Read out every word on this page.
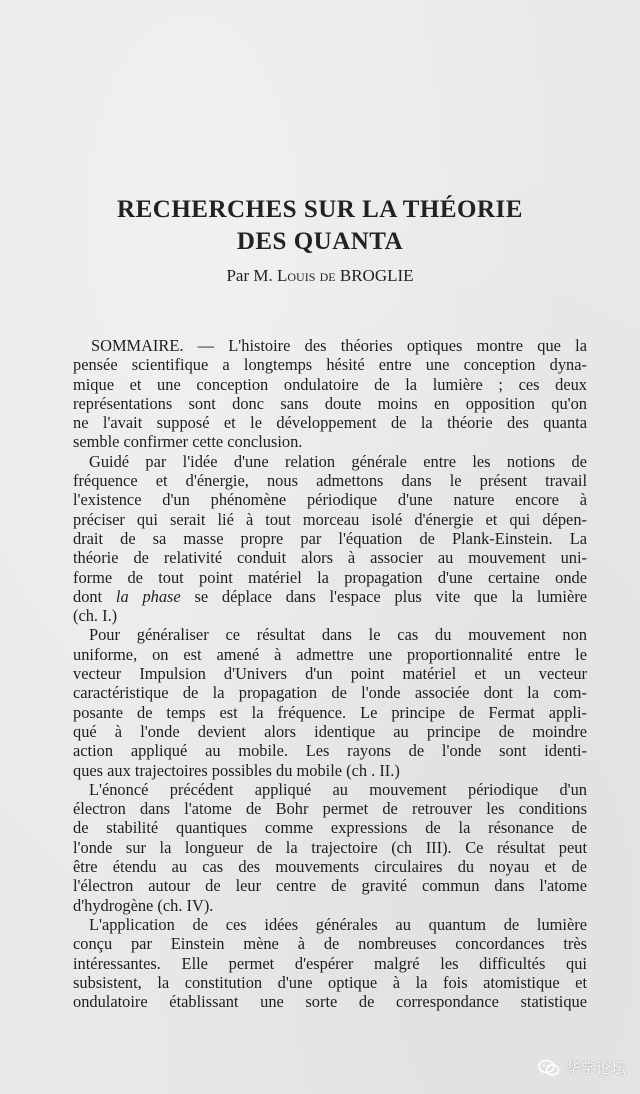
RECHERCHES SUR LA THÉORIE
DES QUANTA
Par M. Louis de BROGLIE
SOMMAIRE. — L'histoire des théories optiques montre que la
pensée scientifique a longtemps hésité entre une conception dyna-
mique et une conception ondulatoire de la lumière ; ces deux
représentations sont donc sans doute moins en opposition qu'on
ne l'avait supposé et le développement de la théorie des quanta
semble confirmer cette conclusion.
Guidé par l'idée d'une relation générale entre les notions de
fréquence et d'énergie, nous admettons dans le présent travail
l'existence d'un phénomène périodique d'une nature encore à
préciser qui serait lié à tout morceau isolé d'énergie et qui dépen-
drait de sa masse propre par l'équation de Plank-Einstein. La
théorie de relativité conduit alors à associer au mouvement uni-
forme de tout point matériel la propagation d'une certaine onde
dont la phase se déplace dans l'espace plus vite que la lumière
(ch. I.)
Pour généraliser ce résultat dans le cas du mouvement non
uniforme, on est amené à admettre une proportionnalité entre le
vecteur Impulsion d'Univers d'un point matériel et un vecteur
caractéristique de la propagation de l'onde associée dont la com-
posante de temps est la fréquence. Le principe de Fermat appli-
qué à l'onde devient alors identique au principe de moindre
action appliqué au mobile. Les rayons de l'onde sont identi-
ques aux trajectoires possibles du mobile (ch . II.)
L'énoncé précédent appliqué au mouvement périodique d'un
électron dans l'atome de Bohr permet de retrouver les conditions
de stabilité quantiques comme expressions de la résonance de
l'onde sur la longueur de la trajectoire (ch III). Ce résultat peut
être étendu au cas des mouvements circulaires du noyau et de
l'électron autour de leur centre de gravité commun dans l'atome
d'hydrogène (ch. IV).
L'application de ces idées générales au quantum de lumière
conçu par Einstein mène à de nombreuses concordances très
intéressantes. Elle permet d'espérer malgré les difficultés qui
subsistent, la constitution d'une optique à la fois atomistique et
ondulatoire établissant une sorte de correspondance statistique
华学论坛
